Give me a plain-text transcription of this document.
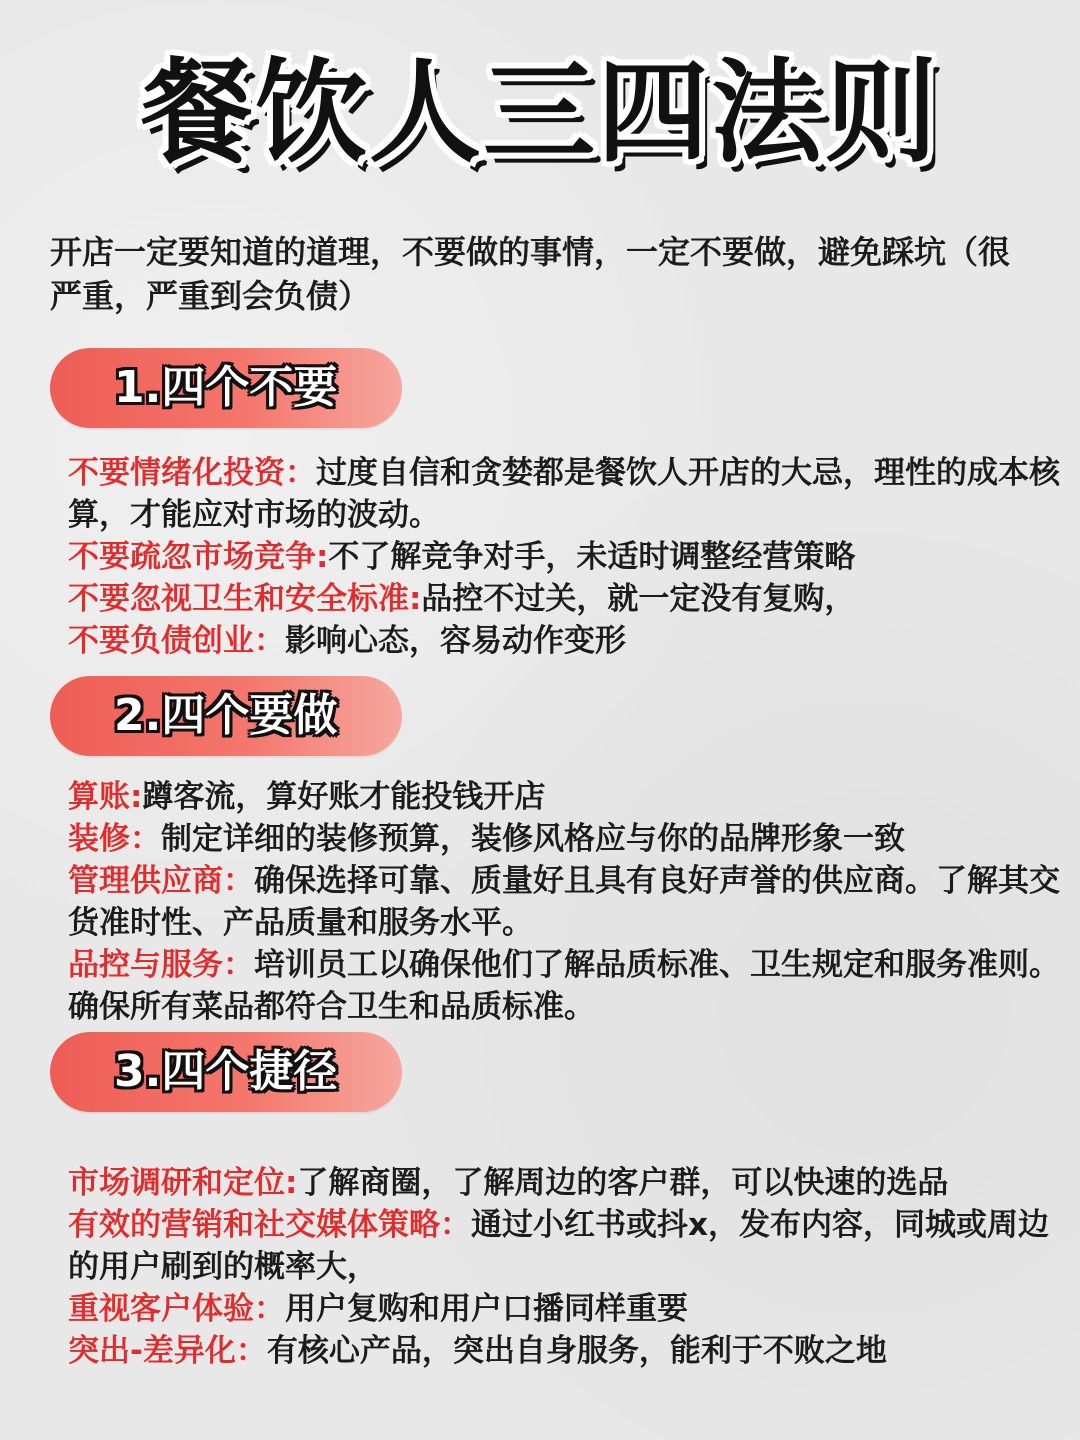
餐饮人三四法则
开店一定要知道的道理，不要做的事情，一定不要做，避免踩坑（很严重，严重到会负债）
1.四个不要

不要情绪化投资：过度自信和贪婪都是餐饮人开店的大忌，理性的成本核算，才能应对市场的波动。

不要疏忽市场竞争:不了解竞争对手，未适时调整经营策略

不要忽视卫生和安全标准:品控不过关，就一定没有复购，

不要负债创业：影响心态，容易动作变形

2.四个要做

算账:蹲客流，算好账才能投钱开店

装修：制定详细的装修预算，装修风格应与你的品牌形象一致

管理供应商：确保选择可靠、质量好且具有良好声誉的供应商。了解其交货准时性、产品质量和服务水平。

品控与服务：培训员工以确保他们了解品质标准、卫生规定和服务准则。确保所有菜品都符合卫生和品质标准。

3.四个捷径

市场调研和定位:了解商圈，了解周边的客户群，可以快速的选品

有效的营销和社交媒体策略：通过小红书或抖x，发布内容，同城或周边的用户刷到的概率大，

重视客户体验：用户复购和用户口播同样重要

突出-差异化：有核心产品，突出自身服务，能利于不败之地
